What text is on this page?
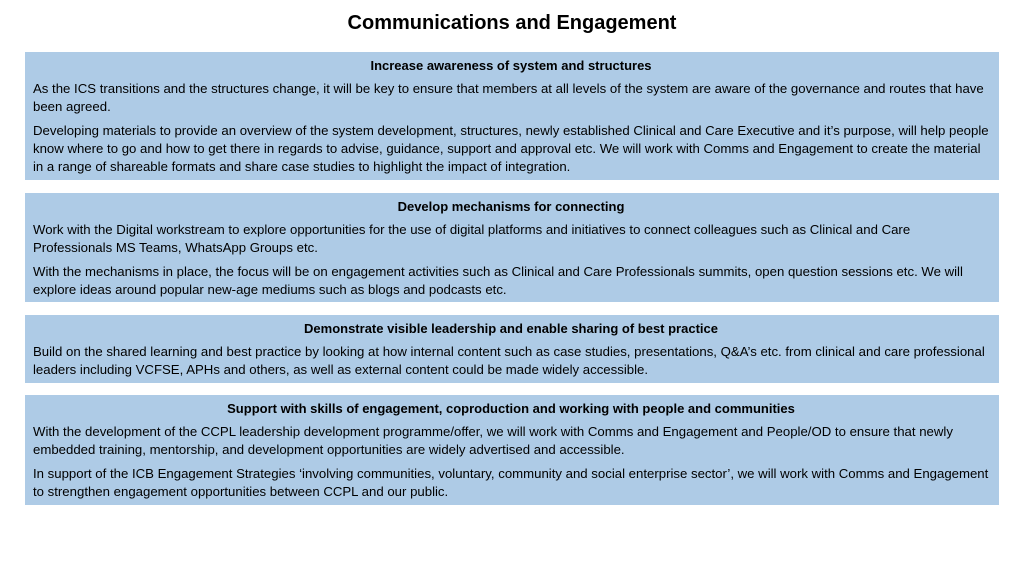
Communications and Engagement
Increase awareness of system and structures

As the ICS transitions and the structures change, it will be key to ensure that members at all levels of the system are aware of the governance and routes that have been agreed.

Developing materials to provide an overview of the system development, structures, newly established Clinical and Care Executive and it’s purpose, will help people know where to go and how to get there in regards to advise, guidance, support and approval etc. We will work with Comms and Engagement to create the material in a range of shareable formats and share case studies to highlight the impact of integration.

Develop mechanisms for connecting

Work with the Digital workstream to explore opportunities for the use of digital platforms and initiatives to connect colleagues such as Clinical and Care Professionals MS Teams, WhatsApp Groups etc.

With the mechanisms in place, the focus will be on engagement activities such as Clinical and Care Professionals summits, open question sessions etc. We will explore ideas around popular new-age mediums such as blogs and podcasts etc.

Demonstrate visible leadership and enable sharing of best practice

Build on the shared learning and best practice by looking at how internal content such as case studies, presentations, Q&A’s etc. from clinical and care professional leaders including VCFSE, APHs and others, as well as external content could be made widely accessible.

Support with skills of engagement, coproduction and working with people and communities

With the development of the CCPL leadership development programme/offer, we will work with Comms and Engagement and People/OD to ensure that newly embedded training, mentorship, and development opportunities are widely advertised and accessible.

In support of the ICB Engagement Strategies ‘involving communities, voluntary, community and social enterprise sector’, we will work with Comms and Engagement to strengthen engagement opportunities between CCPL and our public.
